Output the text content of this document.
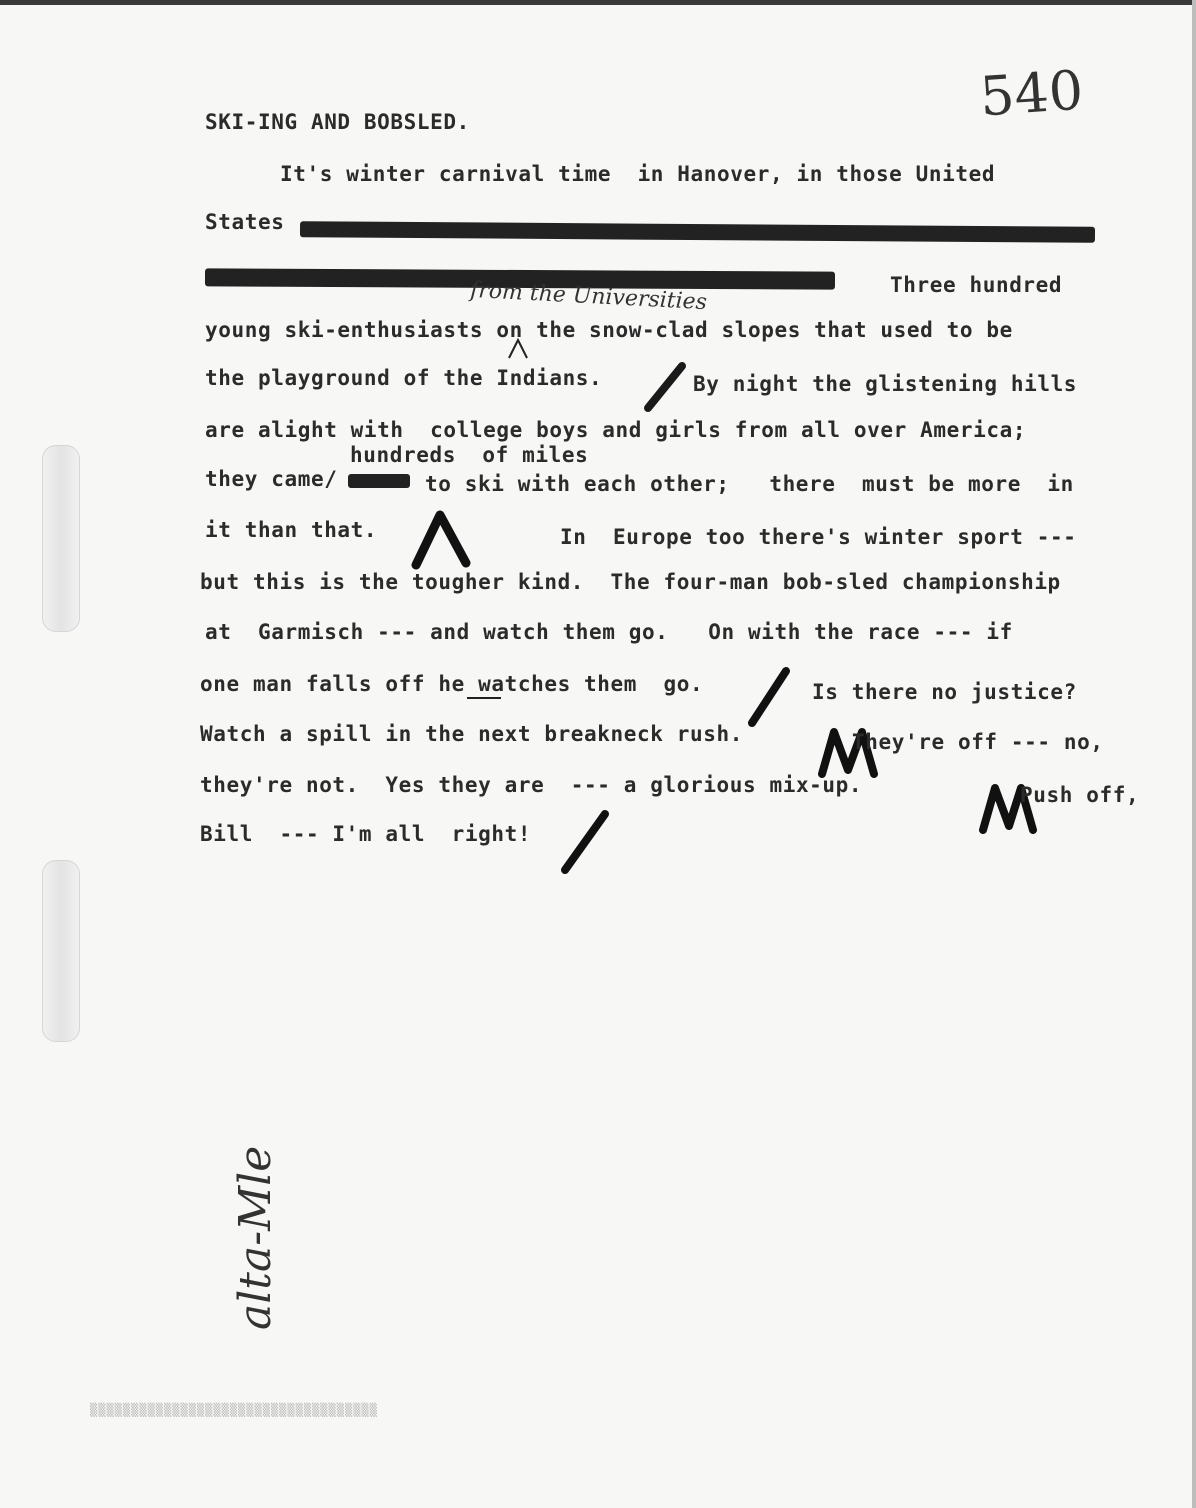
540
SKI-ING AND BOBSLED.
It's winter carnival time  in Hanover, in those United
States
Three hundred
from the Universities
young ski-enthusiasts on the snow-clad slopes that used to be
the playground of the Indians.	By night the glistening hills
are alight with  college boys and girls from all over America;
hundreds  of miles
they came/	to ski with each other;   there  must be more  in
it than that.	In  Europe too there's winter sport ---
but this is the tougher kind.  The four-man bob-sled championship
at  Garmisch --- and watch them go.   On with the race --- if
one man falls off he watches them  go.	Is there no justice?
Watch a spill in the next breakneck rush.	They're off --- no,
they're not.  Yes they are  --- a glorious mix-up.	Push off,
Bill  --- I'm all  right!
alta-Mle
▒▒▒▒▒▒▒▒▒▒▒▒▒▒▒▒▒▒▒▒▒▒▒▒▒▒▒▒▒▒▒▒▒▒▒
